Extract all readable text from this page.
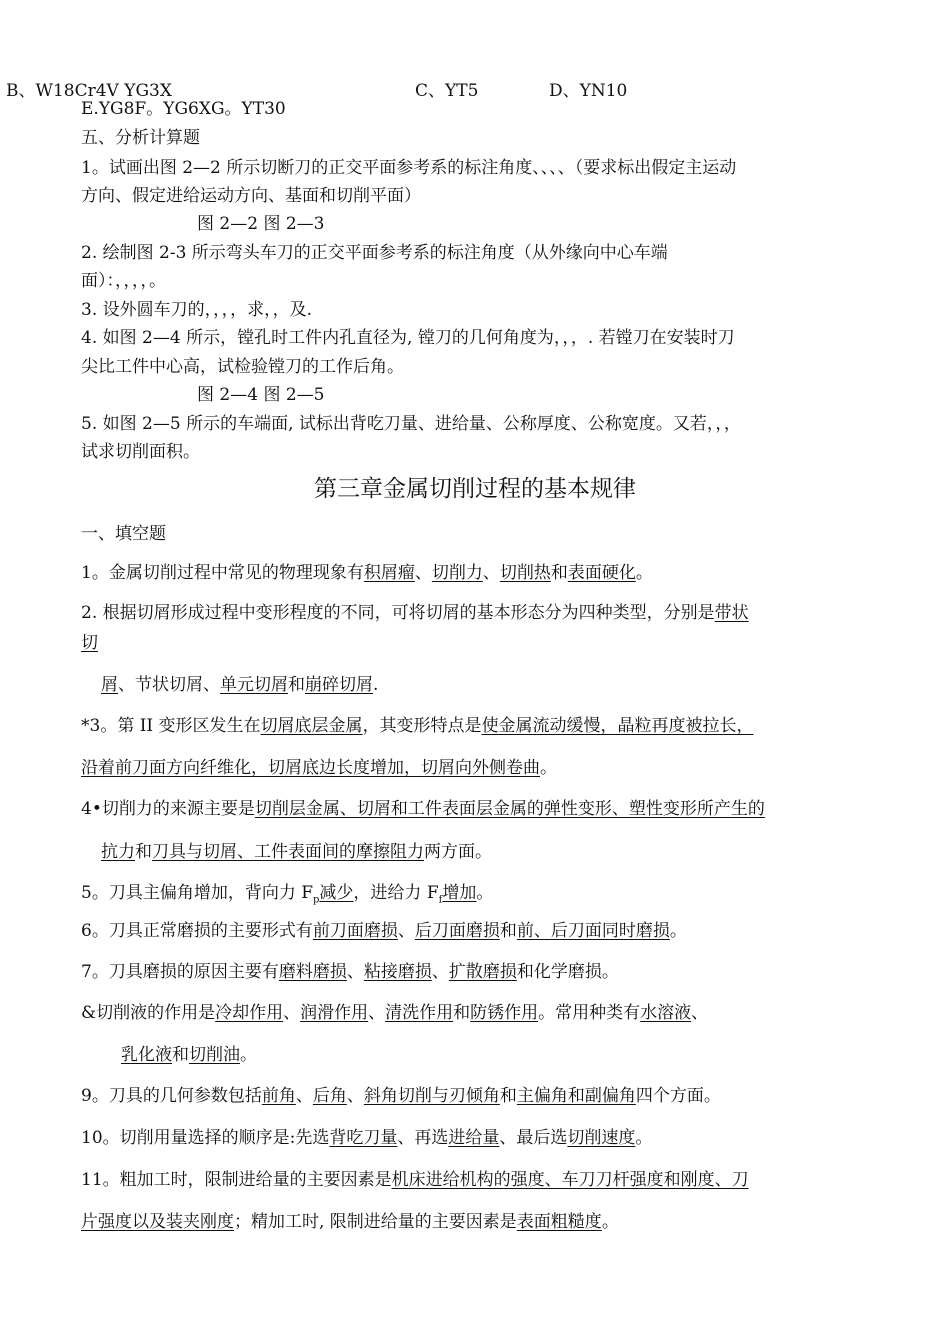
B、W18Cr4V YG3X	C、YT5	D、YN10
E.YG8F。YG6XG。YT30
五、分析计算题
1。试画出图 2—2 所示切断刀的正交平面参考系的标注角度、、、、（要求标出假定主运动
方向、假定进给运动方向、基面和切削平面）
图 2—2 图 2—3
2. 绘制图 2-3 所示弯头车刀的正交平面参考系的标注角度（从外缘向中心车端
面）：，，，，。
3. 设外圆车刀的，，，，求，，及.
4. 如图 2—4 所示，镗孔时工件内孔直径为, 镗刀的几何角度为，，，. 若镗刀在安装时刀
尖比工件中心高，试检验镗刀的工作后角。
图 2—4 图 2—5
5. 如图 2—5 所示的车端面, 试标出背吃刀量、进给量、公称厚度、公称宽度。又若，，，
试求切削面积。
第三章金属切削过程的基本规律
一、填空题
1。金属切削过程中常见的物理现象有积屑瘤、切削力、切削热和表面硬化。
2. 根据切屑形成过程中变形程度的不同，可将切屑的基本形态分为四种类型，分别是带状
切
屑、节状切屑、单元切屑和崩碎切屑.
*3。第 II 变形区发生在切屑底层金属，其变形特点是使金属流动缓慢，晶粒再度被拉长，
沿着前刀面方向纤维化，切屑底边长度增加，切屑向外侧卷曲。
4•切削力的来源主要是切削层金属、切屑和工件表面层金属的弹性变形、塑性变形所产生的
抗力和刀具与切屑、工件表面间的摩擦阻力两方面。
5。刀具主偏角增加，背向力 $F_p$减少，进给力 $F_f$增加。
6。刀具正常磨损的主要形式有前刀面磨损、后刀面磨损和前、后刀面同时磨损。
7。刀具磨损的原因主要有磨料磨损、粘接磨损、扩散磨损和化学磨损。
&切削液的作用是冷却作用、润滑作用、清洗作用和防锈作用。常用种类有水溶液、
乳化液和切削油。
9。刀具的几何参数包括前角、后角、斜角切削与刃倾角和主偏角和副偏角四个方面。
10。切削用量选择的顺序是:先选背吃刀量、再选进给量、最后选切削速度。
11。粗加工时，限制进给量的主要因素是机床进给机构的强度、车刀刀杆强度和刚度、刀
片强度以及装夹刚度；精加工时, 限制进给量的主要因素是表面粗糙度。
